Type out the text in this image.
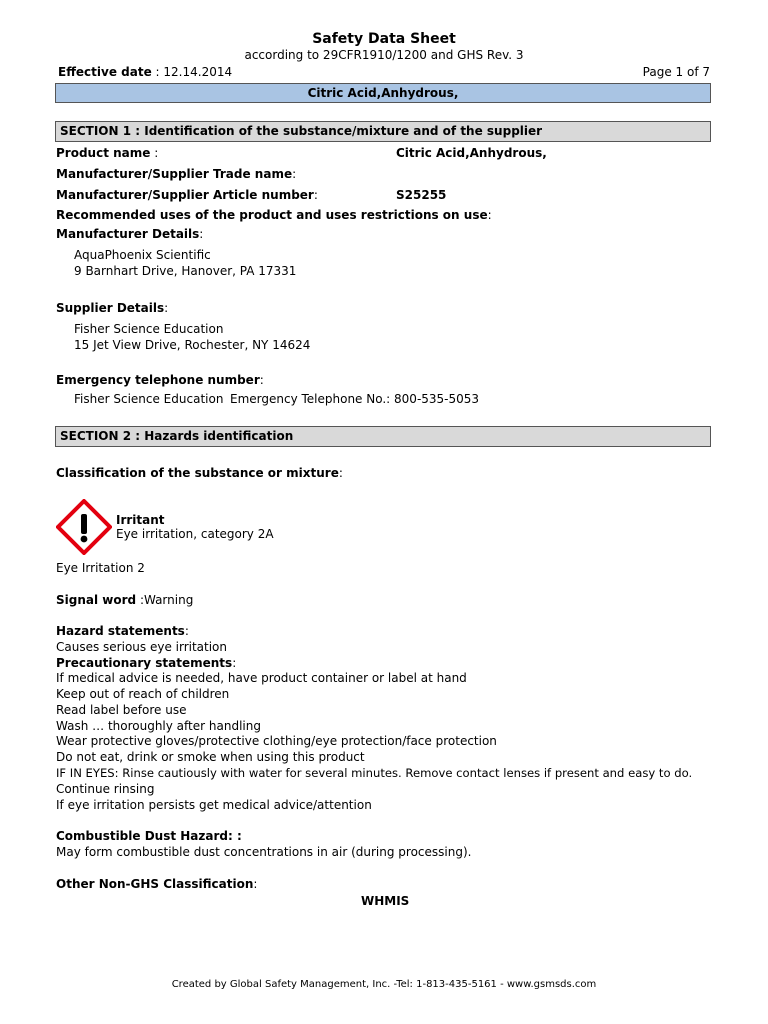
Safety Data Sheet
according to 29CFR1910/1200 and GHS Rev. 3
Effective date : 12.14.2014	Page 1 of 7
Citric Acid,Anhydrous,
SECTION 1 : Identification of the substance/mixture and of the supplier
Product name :	Citric Acid,Anhydrous,
Manufacturer/Supplier Trade name:
Manufacturer/Supplier Article number:	S25255
Recommended uses of the product and uses restrictions on use:
Manufacturer Details:
AquaPhoenix Scientific
9 Barnhart Drive, Hanover, PA 17331
Supplier Details:
Fisher Science Education
15 Jet View Drive, Rochester, NY 14624
Emergency telephone number:
Fisher Science Education Emergency Telephone No.: 800-535-5053
SECTION 2 : Hazards identification
Classification of the substance or mixture:
Irritant
Eye irritation, category 2A
Eye Irritation 2
Signal word :Warning
Hazard statements:
Causes serious eye irritation
Precautionary statements:
If medical advice is needed, have product container or label at hand
Keep out of reach of children
Read label before use
Wash … thoroughly after handling
Wear protective gloves/protective clothing/eye protection/face protection
Do not eat, drink or smoke when using this product
IF IN EYES: Rinse cautiously with water for several minutes. Remove contact lenses if present and easy to do.
Continue rinsing
If eye irritation persists get medical advice/attention
Combustible Dust Hazard: :
May form combustible dust concentrations in air (during processing).
Other Non-GHS Classification:
WHMIS
Created by Global Safety Management, Inc. -Tel: 1-813-435-5161 - www.gsmsds.com
